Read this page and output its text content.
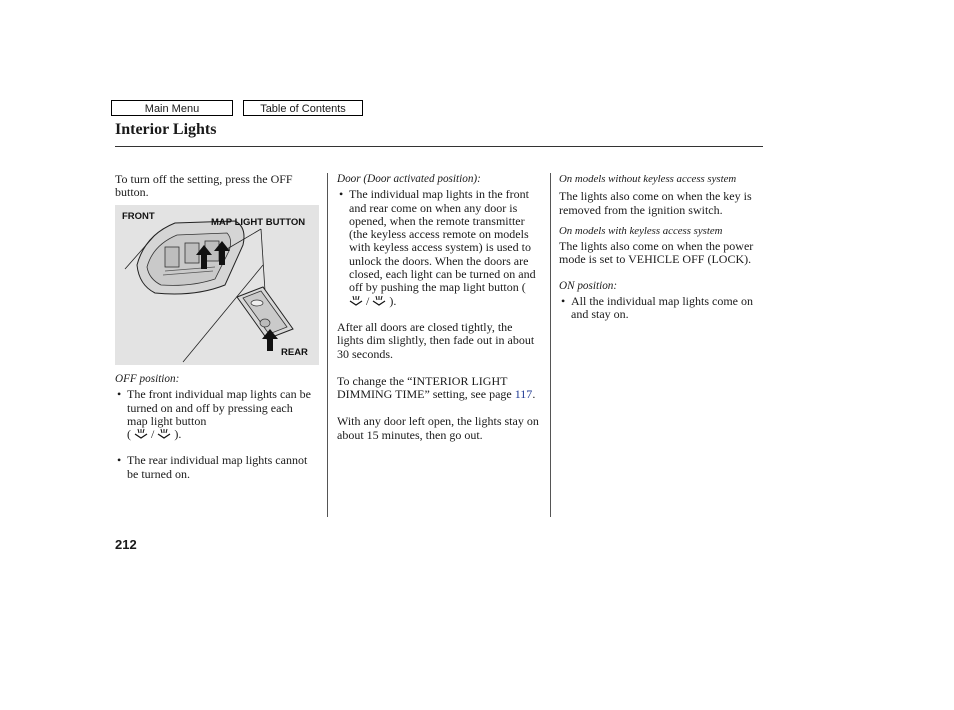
Main Menu	Table of Contents
Interior Lights

To turn off the setting, press the OFF button.

FRONT
MAP LIGHT BUTTON
REAR

OFF position:

• The front individual map lights can be turned on and off by pressing each map light button
(  /  ).

• The rear individual map lights cannot be turned on.

Door (Door activated position):

• The individual map lights in the front and rear come on when any door is opened, when the remote transmitter (the keyless access remote on models with keyless access system) is used to unlock the doors. When the doors are closed, each light can be turned on and off by pushing the map light button (  /  ).

After all doors are closed tightly, the lights dim slightly, then fade out in about 30 seconds.

To change the “INTERIOR LIGHT DIMMING TIME” setting, see page 117.

With any door left open, the lights stay on about 15 minutes, then go out.

On models without keyless access system

The lights also come on when the key is removed from the ignition switch.

On models with keyless access system

The lights also come on when the power mode is set to VEHICLE OFF (LOCK).

ON position:

• All the individual map lights come on and stay on.

212
